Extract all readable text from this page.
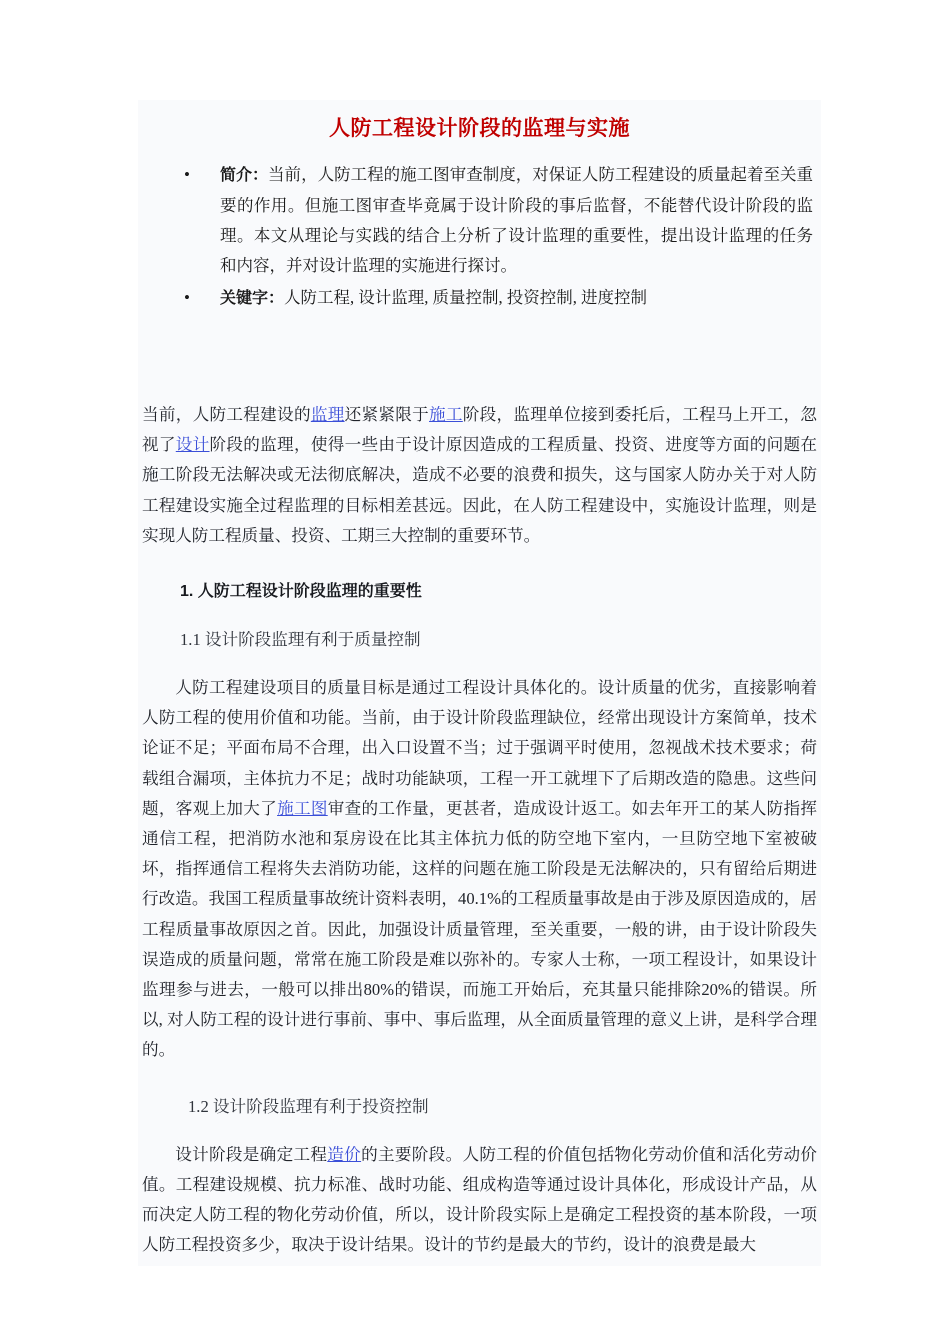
人防工程设计阶段的监理与实施
• 简介：当前，人防工程的施工图审查制度，对保证人防工程建设的质量起着至关重要的作用。但施工图审查毕竟属于设计阶段的事后监督，不能替代设计阶段的监理。本文从理论与实践的结合上分析了设计监理的重要性，提出设计监理的任务和内容，并对设计监理的实施进行探讨。
• 关键字：人防工程, 设计监理, 质量控制, 投资控制, 进度控制

当前，人防工程建设的监理还紧紧限于施工阶段，监理单位接到委托后，工程马上开工，忽视了设计阶段的监理，使得一些由于设计原因造成的工程质量、投资、进度等方面的问题在施工阶段无法解决或无法彻底解决，造成不必要的浪费和损失，这与国家人防办关于对人防工程建设实施全过程监理的目标相差甚远。因此，在人防工程建设中，实施设计监理，则是实现人防工程质量、投资、工期三大控制的重要环节。

1. 人防工程设计阶段监理的重要性

1.1 设计阶段监理有利于质量控制

人防工程建设项目的质量目标是通过工程设计具体化的。设计质量的优劣，直接影响着人防工程的使用价值和功能。当前，由于设计阶段监理缺位，经常出现设计方案简单，技术论证不足；平面布局不合理，出入口设置不当；过于强调平时使用，忽视战术技术要求；荷载组合漏项，主体抗力不足；战时功能缺项，工程一开工就埋下了后期改造的隐患。这些问题，客观上加大了施工图审查的工作量，更甚者，造成设计返工。如去年开工的某人防指挥通信工程，把消防水池和泵房设在比其主体抗力低的防空地下室内，一旦防空地下室被破坏，指挥通信工程将失去消防功能，这样的问题在施工阶段是无法解决的，只有留给后期进行改造。我国工程质量事故统计资料表明，40.1%的工程质量事故是由于涉及原因造成的，居工程质量事故原因之首。因此，加强设计质量管理，至关重要，一般的讲，由于设计阶段失误造成的质量问题，常常在施工阶段是难以弥补的。专家人士称，一项工程设计，如果设计监理参与进去，一般可以排出80%的错误，而施工开始后，充其量只能排除20%的错误。所以, 对人防工程的设计进行事前、事中、事后监理，从全面质量管理的意义上讲，是科学合理的。

1.2 设计阶段监理有利于投资控制

设计阶段是确定工程造价的主要阶段。人防工程的价值包括物化劳动价值和活化劳动价值。工程建设规模、抗力标准、战时功能、组成构造等通过设计具体化，形成设计产品，从而决定人防工程的物化劳动价值，所以，设计阶段实际上是确定工程投资的基本阶段，一项人防工程投资多少，取决于设计结果。设计的节约是最大的节约，设计的浪费是最大
